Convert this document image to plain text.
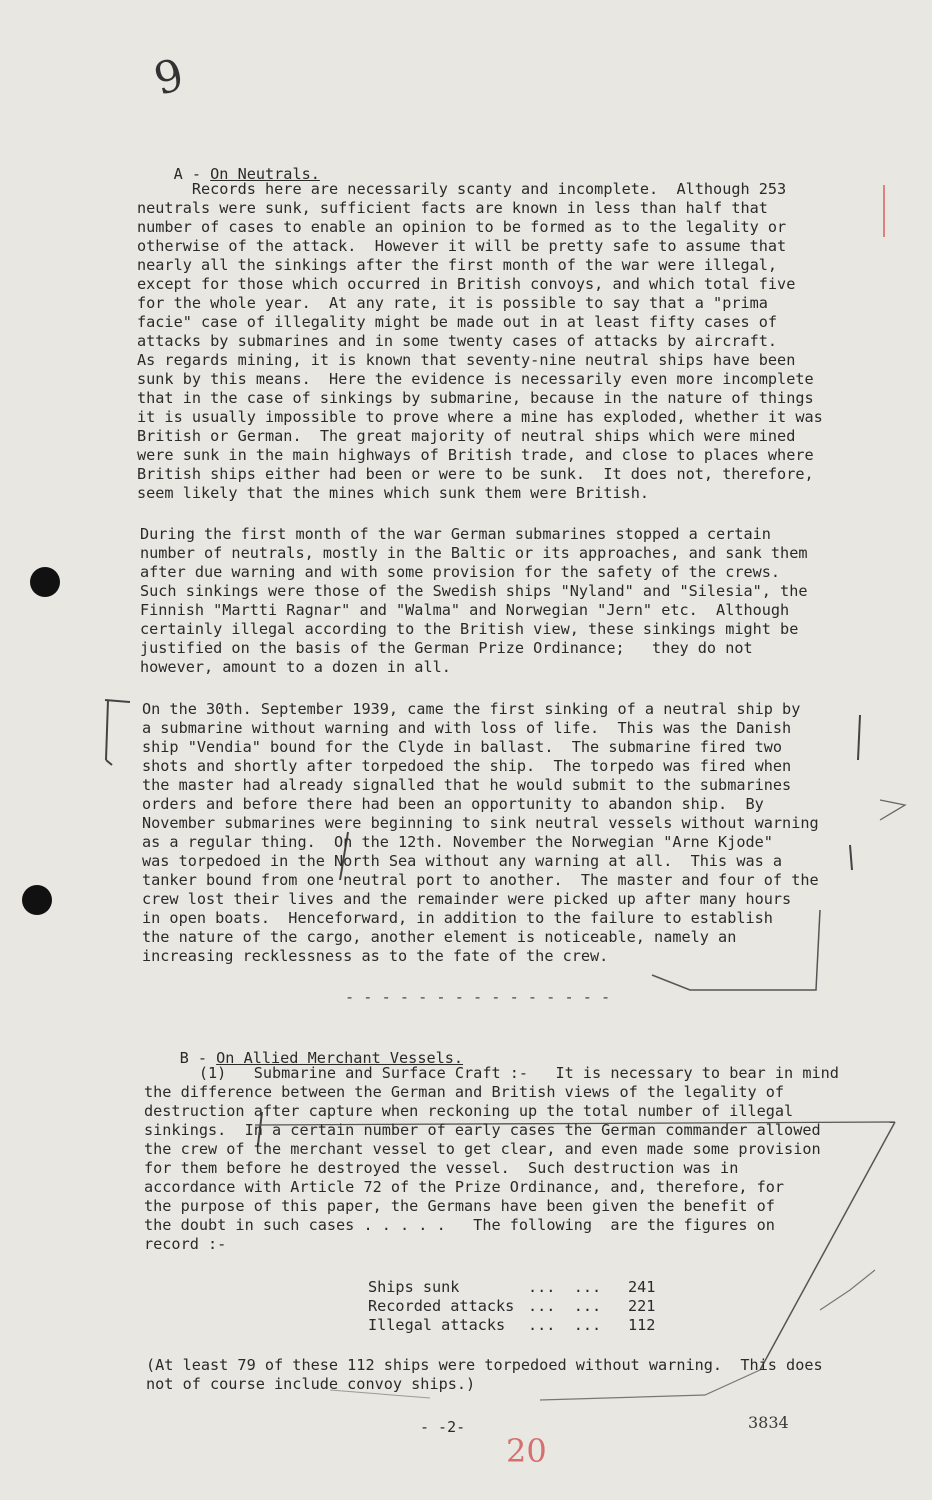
9

A - On Neutrals.

Records here are necessarily scanty and incomplete.  Although 253
neutrals were sunk, sufficient facts are known in less than half that
number of cases to enable an opinion to be formed as to the legality or
otherwise of the attack.  However it will be pretty safe to assume that
nearly all the sinkings after the first month of the war were illegal,
except for those which occurred in British convoys, and which total five
for the whole year.  At any rate, it is possible to say that a "prima
facie" case of illegality might be made out in at least fifty cases of
attacks by submarines and in some twenty cases of attacks by aircraft.
As regards mining, it is known that seventy-nine neutral ships have been
sunk by this means.  Here the evidence is necessarily even more incomplete
that in the case of sinkings by submarine, because in the nature of things
it is usually impossible to prove where a mine has exploded, whether it was
British or German.  The great majority of neutral ships which were mined
were sunk in the main highways of British trade, and close to places where
British ships either had been or were to be sunk.  It does not, therefore,
seem likely that the mines which sunk them were British.
During the first month of the war German submarines stopped a certain
number of neutrals, mostly in the Baltic or its approaches, and sank them
after due warning and with some provision for the safety of the crews.
Such sinkings were those of the Swedish ships "Nyland" and "Silesia", the
Finnish "Martti Ragnar" and "Walma" and Norwegian "Jern" etc.  Although
certainly illegal according to the British view, these sinkings might be
justified on the basis of the German Prize Ordinance;   they do not
however, amount to a dozen in all.
On the 30th. September 1939, came the first sinking of a neutral ship by
a submarine without warning and with loss of life.  This was the Danish
ship "Vendia" bound for the Clyde in ballast.  The submarine fired two
shots and shortly after torpedoed the ship.  The torpedo was fired when
the master had already signalled that he would submit to the submarines
orders and before there had been an opportunity to abandon ship.  By
November submarines were beginning to sink neutral vessels without warning
as a regular thing.  On the 12th. November the Norwegian "Arne Kjode"
was torpedoed in the North Sea without any warning at all.  This was a
tanker bound from one neutral port to another.  The master and four of the
crew lost their lives and the remainder were picked up after many hours
in open boats.  Henceforward, in addition to the failure to establish
the nature of the cargo, another element is noticeable, namely an
increasing recklessness as to the fate of the crew.
- - - - - - - - - - - - - - -

B - On Allied Merchant Vessels.

(1)   Submarine and Surface Craft :-   It is necessary to bear in mind
the difference between the German and British views of the legality of
destruction after capture when reckoning up the total number of illegal
sinkings.  In a certain number of early cases the German commander allowed
the crew of the merchant vessel to get clear, and even made some provision
for them before he destroyed the vessel.  Such destruction was in
accordance with Article 72 of the Prize Ordinance, and, therefore, for
the purpose of this paper, the Germans have been given the benefit of
the doubt in such cases . . . . .   The following  are the figures on
record :-
Ships sunk	...  ...	241
Recorded attacks ...  ...	221
Illegal attacks	...  ...	112
(At least 79 of these 112 ships were torpedoed without warning.  This does
not of course include convoy ships.)
- -2-	3834
20
